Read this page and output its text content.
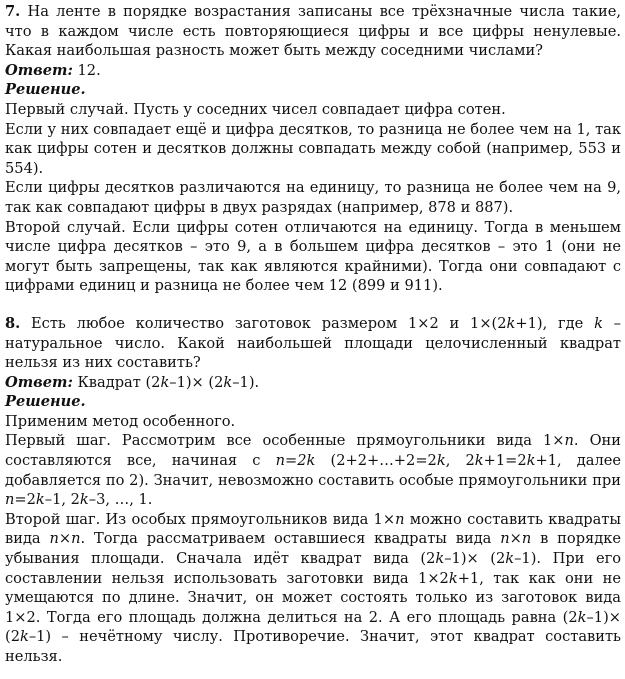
7. На ленте в порядке возрастания записаны все трёхзначные числа такие, что в каждом числе есть повторяющиеся цифры и все цифры ненулевые. Какая наибольшая разность может быть между соседними числами?

Ответ: 12.

Решение.

Первый случай. Пусть у соседних чисел совпадает цифра сотен.

Если у них совпадает ещё и цифра десятков, то разница не более чем на 1, так как цифры сотен и десятков должны совпадать между собой (например, 553 и 554).

Если цифры десятков различаются на единицу, то разница не более чем на 9, так как совпадают цифры в двух разрядах (например, 878 и 887).

Второй случай. Если цифры сотен отличаются на единицу. Тогда в меньшем числе цифра десятков – это 9, а в большем цифра десятков – это 1 (они не могут быть запрещены, так как являются крайними). Тогда они совпадают с цифрами единиц и разница не более чем 12 (899 и 911).

8. Есть любое количество заготовок размером 1×2 и 1×(2k+1), где k – натуральное число. Какой наибольшей площади целочисленный квадрат нельзя из них составить?

Ответ: Квадрат (2k–1)× (2k–1).

Решение.

Применим метод особенного.

Первый шаг. Рассмотрим все особенные прямоугольники вида 1×n. Они составляются все, начиная с n=2k (2+2+…+2=2k, 2k+1=2k+1, далее добавляется по 2). Значит, невозможно составить особые прямоугольники при n=2k–1, 2k–3, …, 1.

Второй шаг. Из особых прямоугольников вида 1×n можно составить квадраты вида n×n. Тогда рассматриваем оставшиеся квадраты вида n×n в порядке убывания площади. Сначала идёт квадрат вида (2k–1)× (2k–1). При его составлении нельзя использовать заготовки вида 1×2k+1, так как они не умещаются по длине. Значит, он может состоять только из заготовок вида 1×2. Тогда его площадь должна делиться на 2. А его площадь равна (2k–1)× (2k–1) – нечётному числу. Противоречие. Значит, этот квадрат составить нельзя.
